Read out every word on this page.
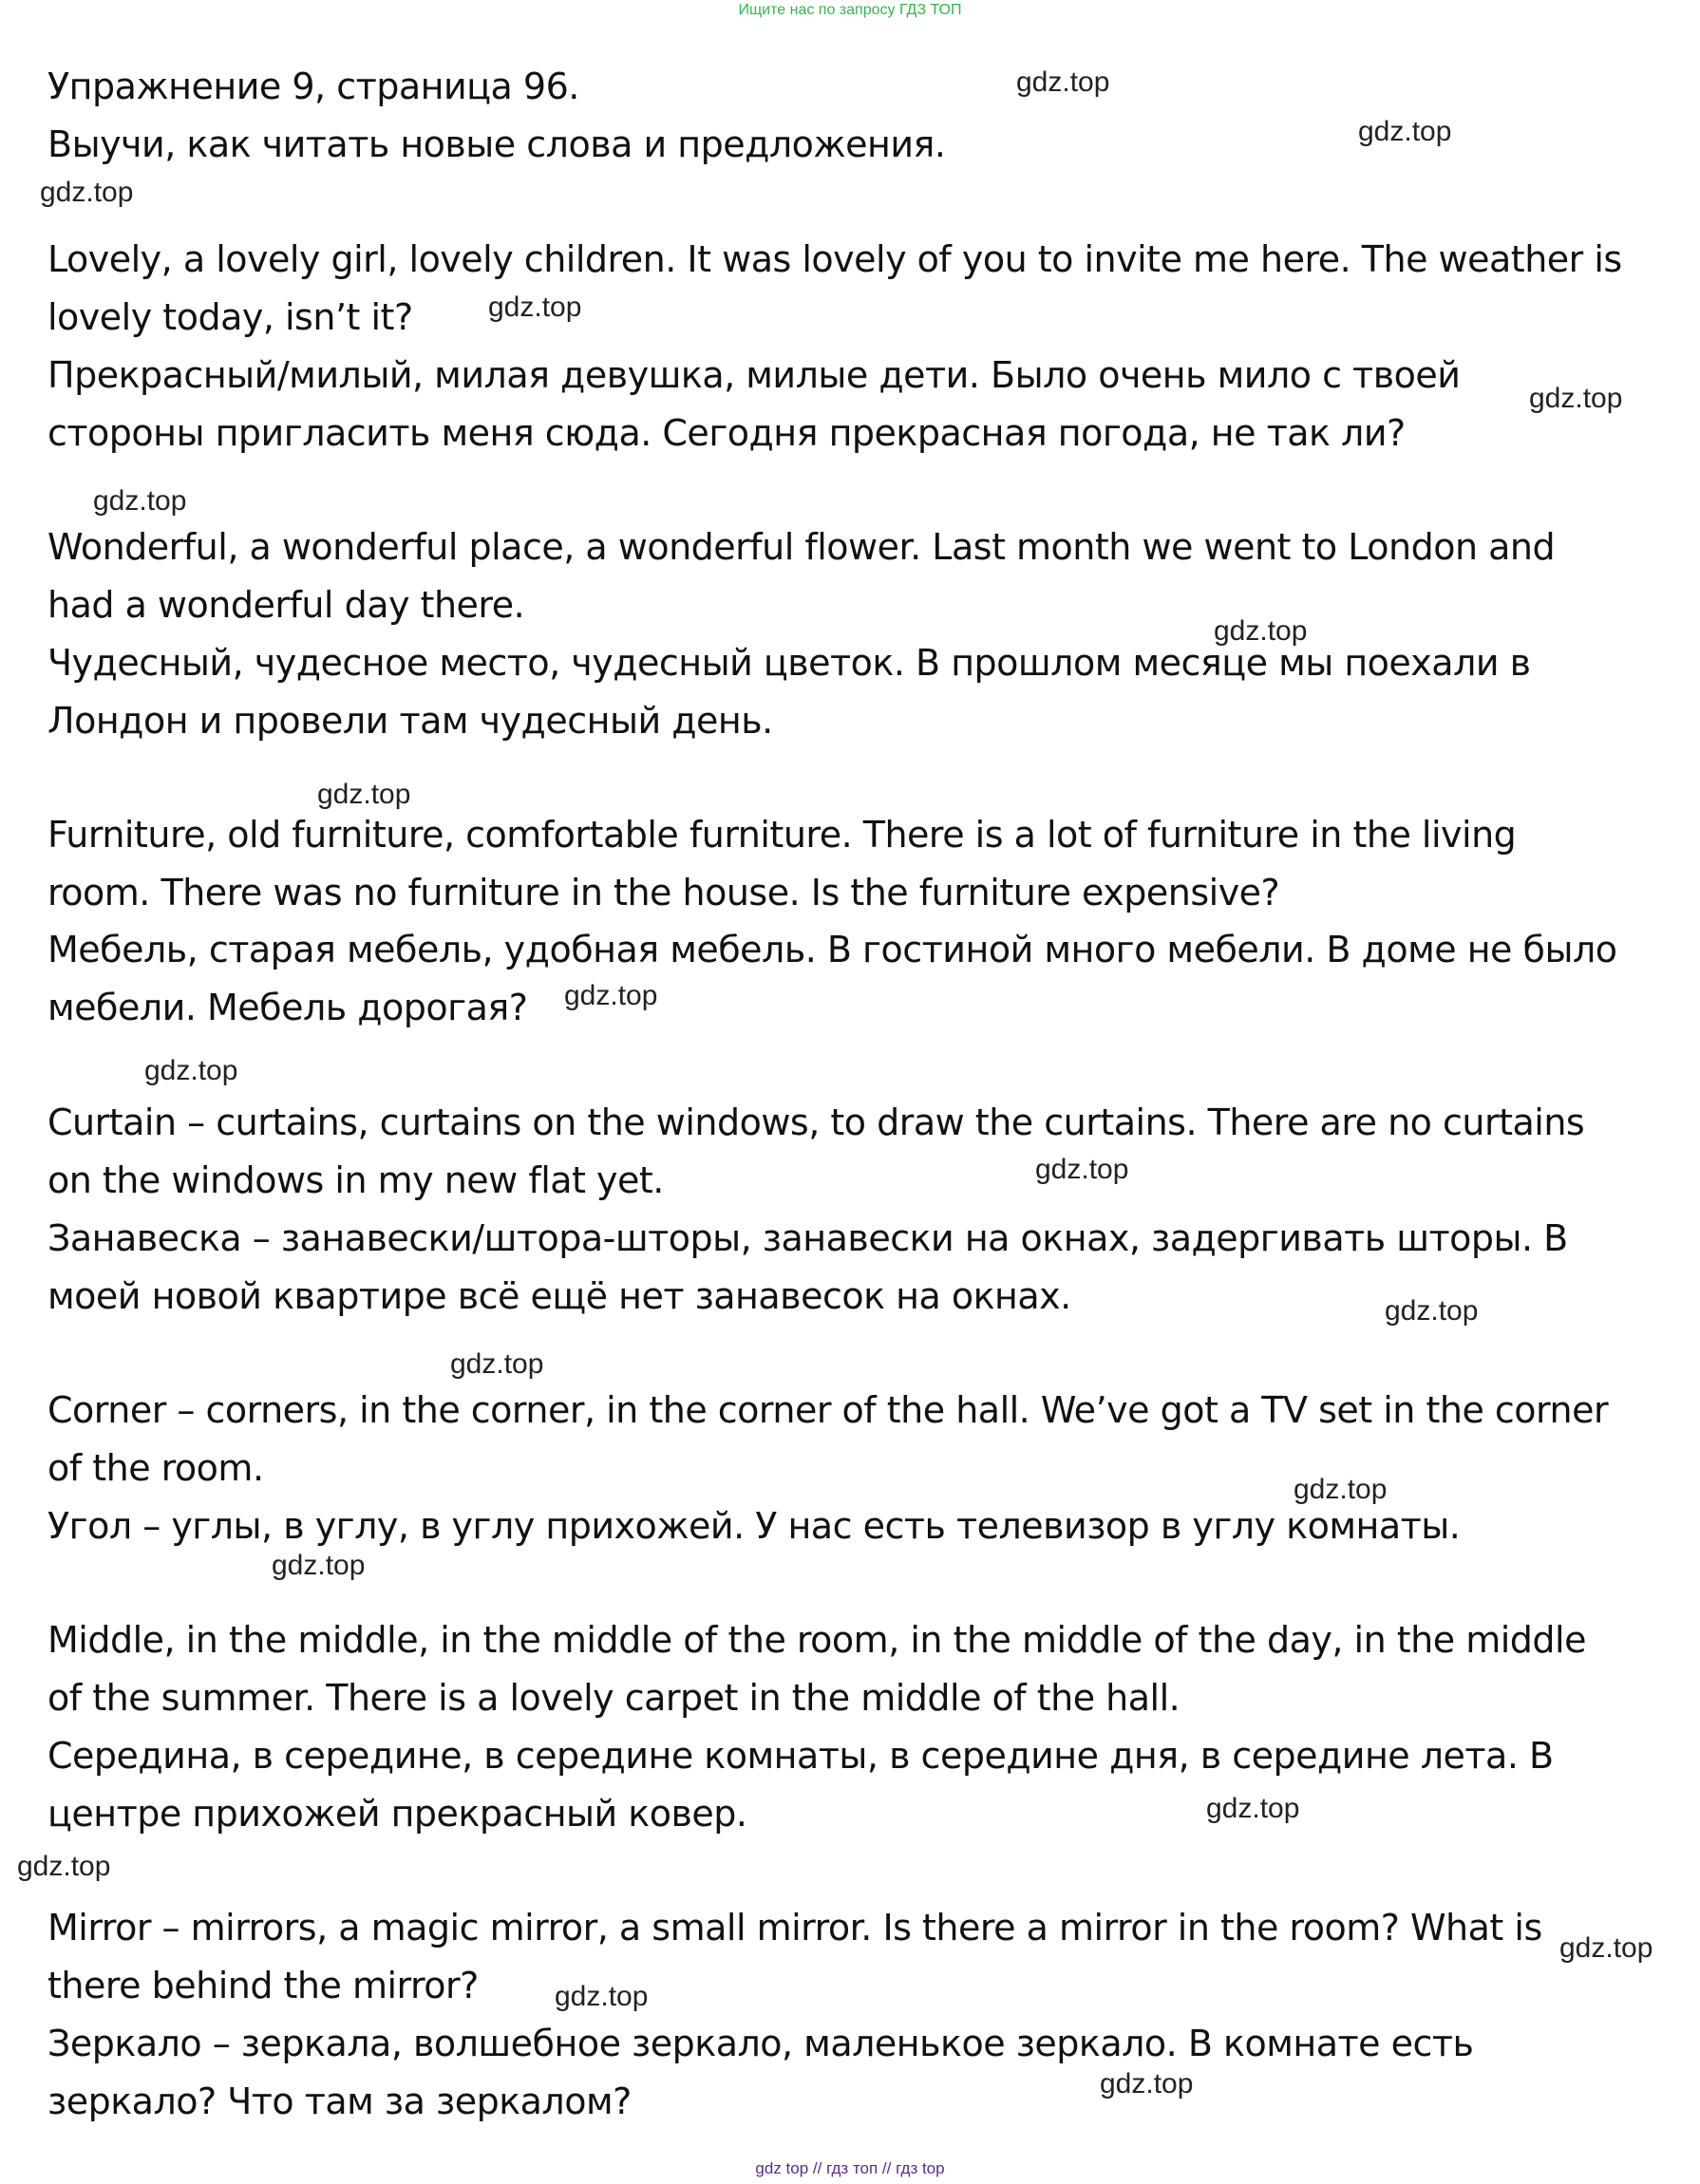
Ищите нас по запросу ГДЗ ТОП
Упражнение 9, страница 96.
Выучи, как читать новые слова и предложения.
Lovely, a lovely girl, lovely children. It was lovely of you to invite me here. The weather is
lovely today, isn’t it?
Прекрасный/милый, милая девушка, милые дети. Было очень мило с твоей
стороны пригласить меня сюда. Сегодня прекрасная погода, не так ли?
Wonderful, a wonderful place, a wonderful flower. Last month we went to London and
had a wonderful day there.
Чудесный, чудесное место, чудесный цветок. В прошлом месяце мы поехали в
Лондон и провели там чудесный день.
Furniture, old furniture, comfortable furniture. There is a lot of furniture in the living
room. There was no furniture in the house. Is the furniture expensive?
Мебель, старая мебель, удобная мебель. В гостиной много мебели. В доме не было
мебели. Мебель дорогая?
Curtain – curtains, curtains on the windows, to draw the curtains. There are no curtains
on the windows in my new flat yet.
Занавеска – занавески/штора-шторы, занавески на окнах, задергивать шторы. В
моей новой квартире всё ещё нет занавесок на окнах.
Corner – corners, in the corner, in the corner of the hall. We’ve got a TV set in the corner
of the room.
Угол – углы, в углу, в углу прихожей. У нас есть телевизор в углу комнаты.
Middle, in the middle, in the middle of the room, in the middle of the day, in the middle
of the summer. There is a lovely carpet in the middle of the hall.
Середина, в середине, в середине комнаты, в середине дня, в середине лета. В
центре прихожей прекрасный ковер.
Mirror – mirrors, a magic mirror, a small mirror. Is there a mirror in the room? What is
there behind the mirror?
Зеркало – зеркала, волшебное зеркало, маленькое зеркало. В комнате есть
зеркало? Что там за зеркалом?
gdz.top
gdz.top
gdz.top
gdz.top
gdz.top
gdz.top
gdz.top
gdz.top
gdz.top
gdz.top
gdz.top
gdz.top
gdz.top
gdz.top
gdz.top
gdz.top
gdz.top
gdz.top
gdz.top
gdz.top
gdz top // гдз топ // гдз top
